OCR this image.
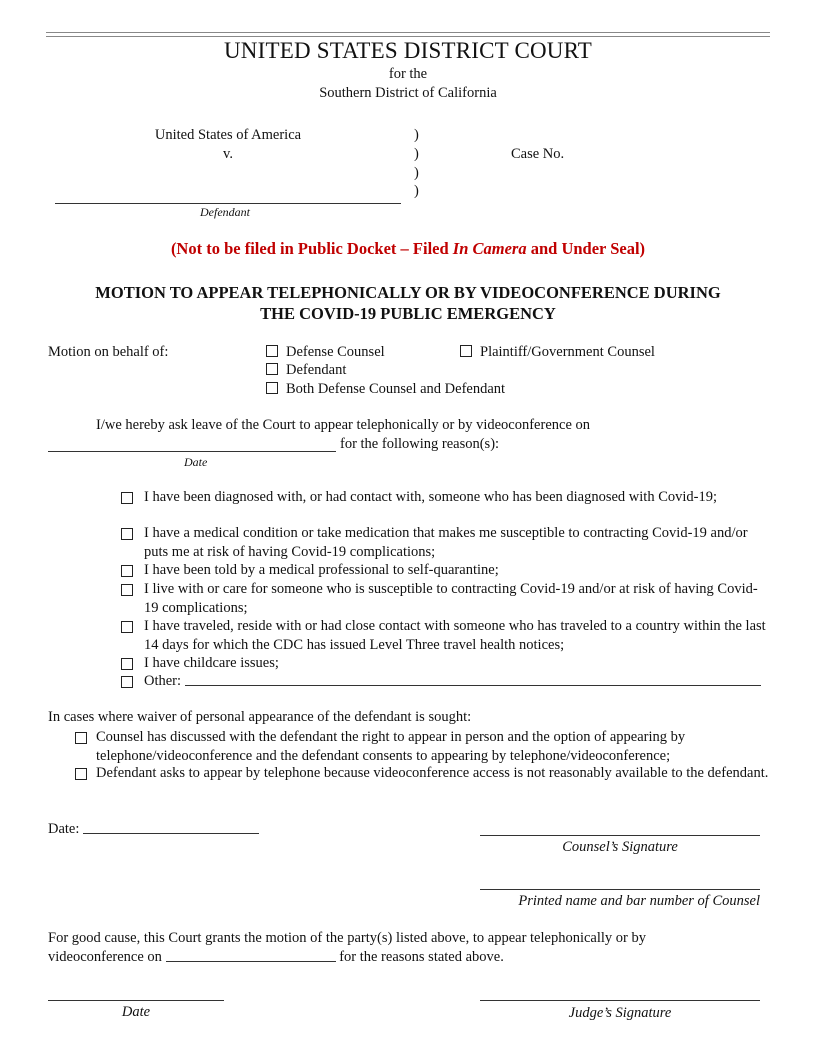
UNITED STATES DISTRICT COURT
for the
Southern District of California
United States of America
v.
)
)
)
)
Case No.
Defendant
(Not to be filed in Public Docket – Filed In Camera and Under Seal)
MOTION TO APPEAR TELEPHONICALLY OR BY VIDEOCONFERENCE DURING
THE COVID-19 PUBLIC EMERGENCY
Motion on behalf of:	Defense Counsel	Plaintiff/Government Counsel
Defendant
Both Defense Counsel and Defendant
I/we hereby ask leave of the Court to appear telephonically or by videoconference on
for the following reason(s):
Date
I have been diagnosed with, or had contact with, someone who has been diagnosed with Covid-19;
I have a medical condition or take medication that makes me susceptible to contracting Covid-19 and/or puts me at risk of having Covid-19 complications;
I have been told by a medical professional to self-quarantine;
I live with or care for someone who is susceptible to contracting Covid-19 and/or at risk of having Covid-19 complications;
I have traveled, reside with or had close contact with someone who has traveled to a country within the last 14 days for which the CDC has issued Level Three travel health notices;
I have childcare issues;
Other:
In cases where waiver of personal appearance of the defendant is sought:
Counsel has discussed with the defendant the right to appear in person and the option of appearing by telephone/videoconference and the defendant consents to appearing by telephone/videoconference;
Defendant asks to appear by telephone because videoconference access is not reasonably available to the defendant.
Date:
Counsel’s Signature
Printed name and bar number of Counsel
For good cause, this Court grants the motion of the party(s) listed above, to appear telephonically or by
videoconference on	for the reasons stated above.
Date	Judge’s Signature
